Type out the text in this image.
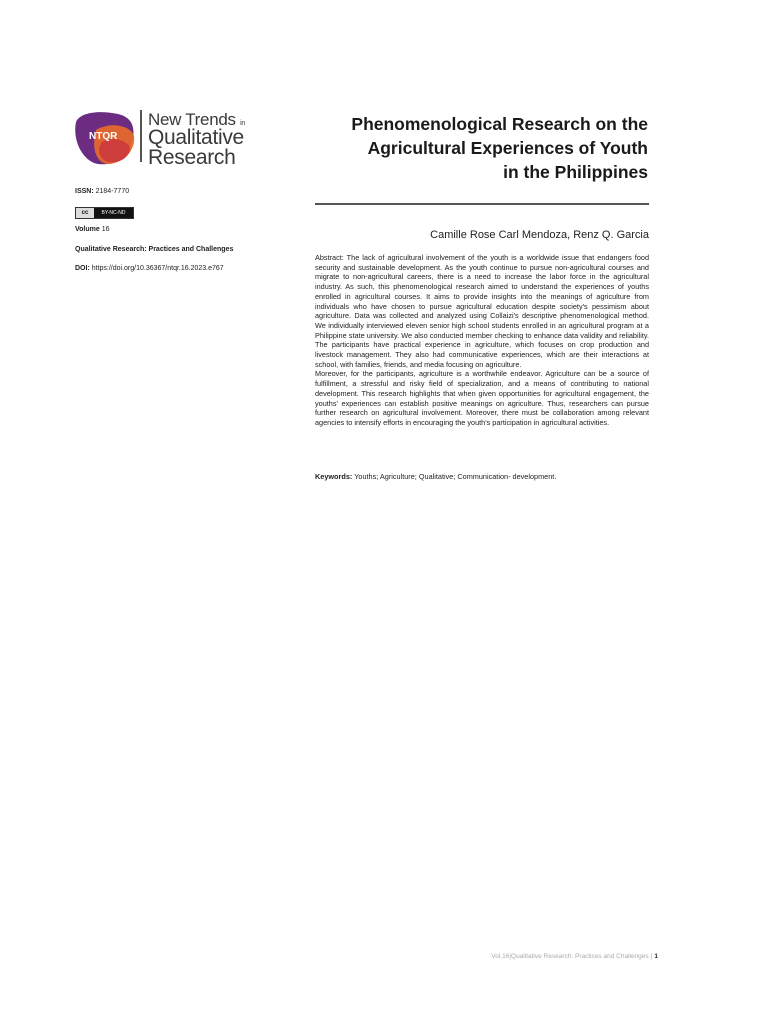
NTQR
New Trends in
Qualitative
Research
ISSN: 2184-7770
cc	BY-NC-ND
Volume 16
Qualitative Research: Practices and Challenges
DOI: https://doi.org/10.36367/ntqr.16.2023.e767
Phenomenological Research on the
Agricultural Experiences of Youth
in the Philippines
Camille Rose Carl Mendoza, Renz Q. Garcia

Abstract: The lack of agricultural involvement of the youth is a worldwide issue that endangers food security and sustainable development. As the youth continue to pursue non-agricultural courses and migrate to non-agricultural careers, there is a need to increase the labor force in the agricultural industry. As such, this phenomenological research aimed to understand the experiences of youths enrolled in agricultural courses. It aims to provide insights into the meanings of agriculture from individuals who have chosen to pursue agricultural education despite society's pessimism about agriculture. Data was collected and analyzed using Collaizi's descriptive phenomenological method. We individually interviewed eleven senior high school students enrolled in an agricultural program at a Philippine state university. We also conducted member checking to enhance data validity and reliability. The participants have practical experience in agriculture, which focuses on crop production and livestock management. They also had communicative experiences, which are their interactions at school, with families, friends, and media focusing on agriculture.

Moreover, for the participants, agriculture is a worthwhile endeavor. Agriculture can be a source of fulfillment, a stressful and risky field of specialization, and a means of contributing to national development. This research highlights that when given opportunities for agricultural engagement, the youths' experiences can establish positive meanings on agriculture. Thus, researchers can pursue further research on agricultural involvement. Moreover, there must be collaboration among relevant agencies to intensify efforts in encouraging the youth's participation in agricultural activities.

Keywords: Youths; Agriculture; Qualitative; Communication- development.
Vol.16|Qualitative Research: Practices and Challenges | 1
